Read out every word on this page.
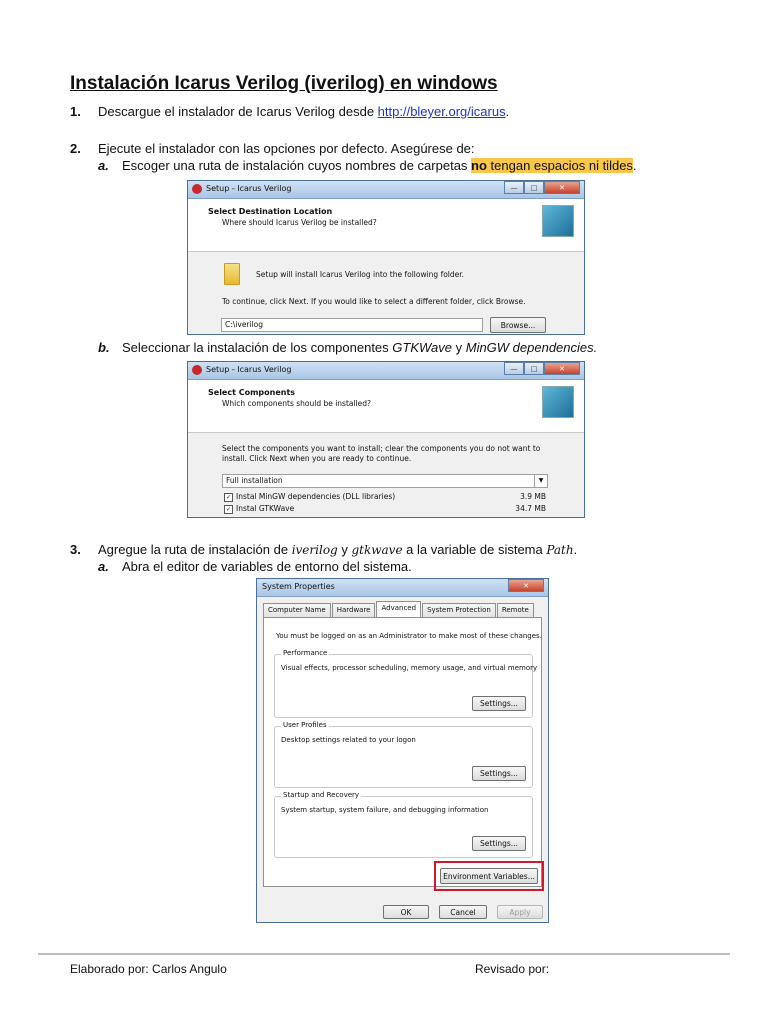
Instalación Icarus Verilog (iverilog) en windows
1. Descargue el instalador de Icarus Verilog desde http://bleyer.org/icarus.
2. Ejecute el instalador con las opciones por defecto. Asegúrese de:
a. Escoger una ruta de instalación cuyos nombres de carpetas no tengan espacios ni tildes.
Setup - Icarus Verilog	—	□	✕
Select Destination Location
Where should Icarus Verilog be installed?
Setup will install Icarus Verilog into the following folder.
To continue, click Next. If you would like to select a different folder, click Browse.
C:\iverilog	Browse...
b. Seleccionar la instalación de los componentes GTKWave y MinGW dependencies.
Setup - Icarus Verilog	—	□	✕
Select Components
Which components should be installed?
Select the components you want to install; clear the components you do not want to
install. Click Next when you are ready to continue.
Full installation	▼
✓ Instal MinGW dependencies (DLL libraries)	3.9 MB
✓ Instal GTKWave	34.7 MB
3. Agregue la ruta de instalación de iverilog y gtkwave a la variable de sistema Path.
a. Abra el editor de variables de entorno del sistema.
System Properties	✕
Computer Name	Hardware	Advanced	System Protection	Remote
You must be logged on as an Administrator to make most of these changes.
Performance
Visual effects, processor scheduling, memory usage, and virtual memory
Settings...
User Profiles
Desktop settings related to your logon
Settings...
Startup and Recovery
System startup, system failure, and debugging information
Settings...
Environment Variables...
OK	Cancel	Apply
Elaborado por: Carlos Angulo	Revisado por:
